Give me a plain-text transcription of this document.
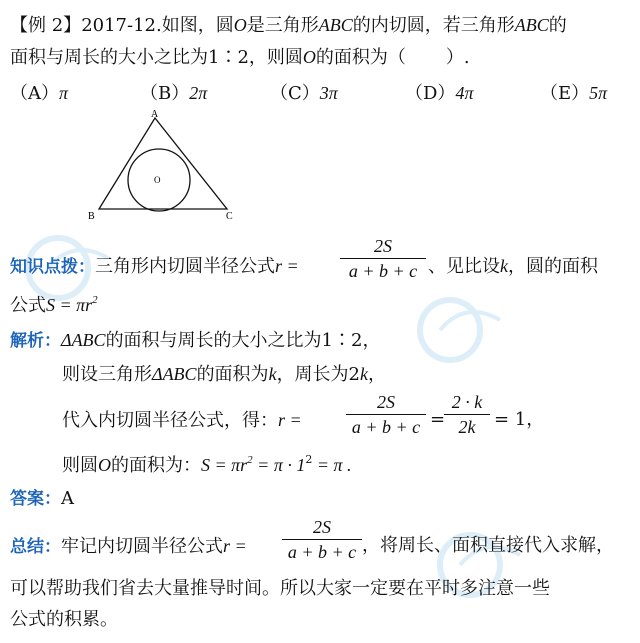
【例 2】2017-12.如图，圆O是三角形ABC的内切圆，若三角形ABC的
面积与周长的大小之比为1∶2，则圆O的面积为（ ）.
（A）π	（B）2π	（C）3π	（D）4π	（E）5π
A
B	C
O
知识点拨：三角形内切圆半径公式r =
2S
a + b + c 、见比设k，圆的面积
公式$S = \pi r^2$
解析：ΔABC的面积与周长的大小之比为1∶2，
则设三角形ΔABC的面积为k，周长为2k，
代入内切圆半径公式，得：r =
2S
a + b + c =
2 · k
2k	= 1，
则圆O的面积为：$S = \pi r^2 = \pi \cdot 1^2 = \pi$ .
答案：A
总结：牢记内切圆半径公式r =
2S
a + b + c ，将周长、面积直接代入求解，
可以帮助我们省去大量推导时间。所以大家一定要在平时多注意一些
公式的积累。
